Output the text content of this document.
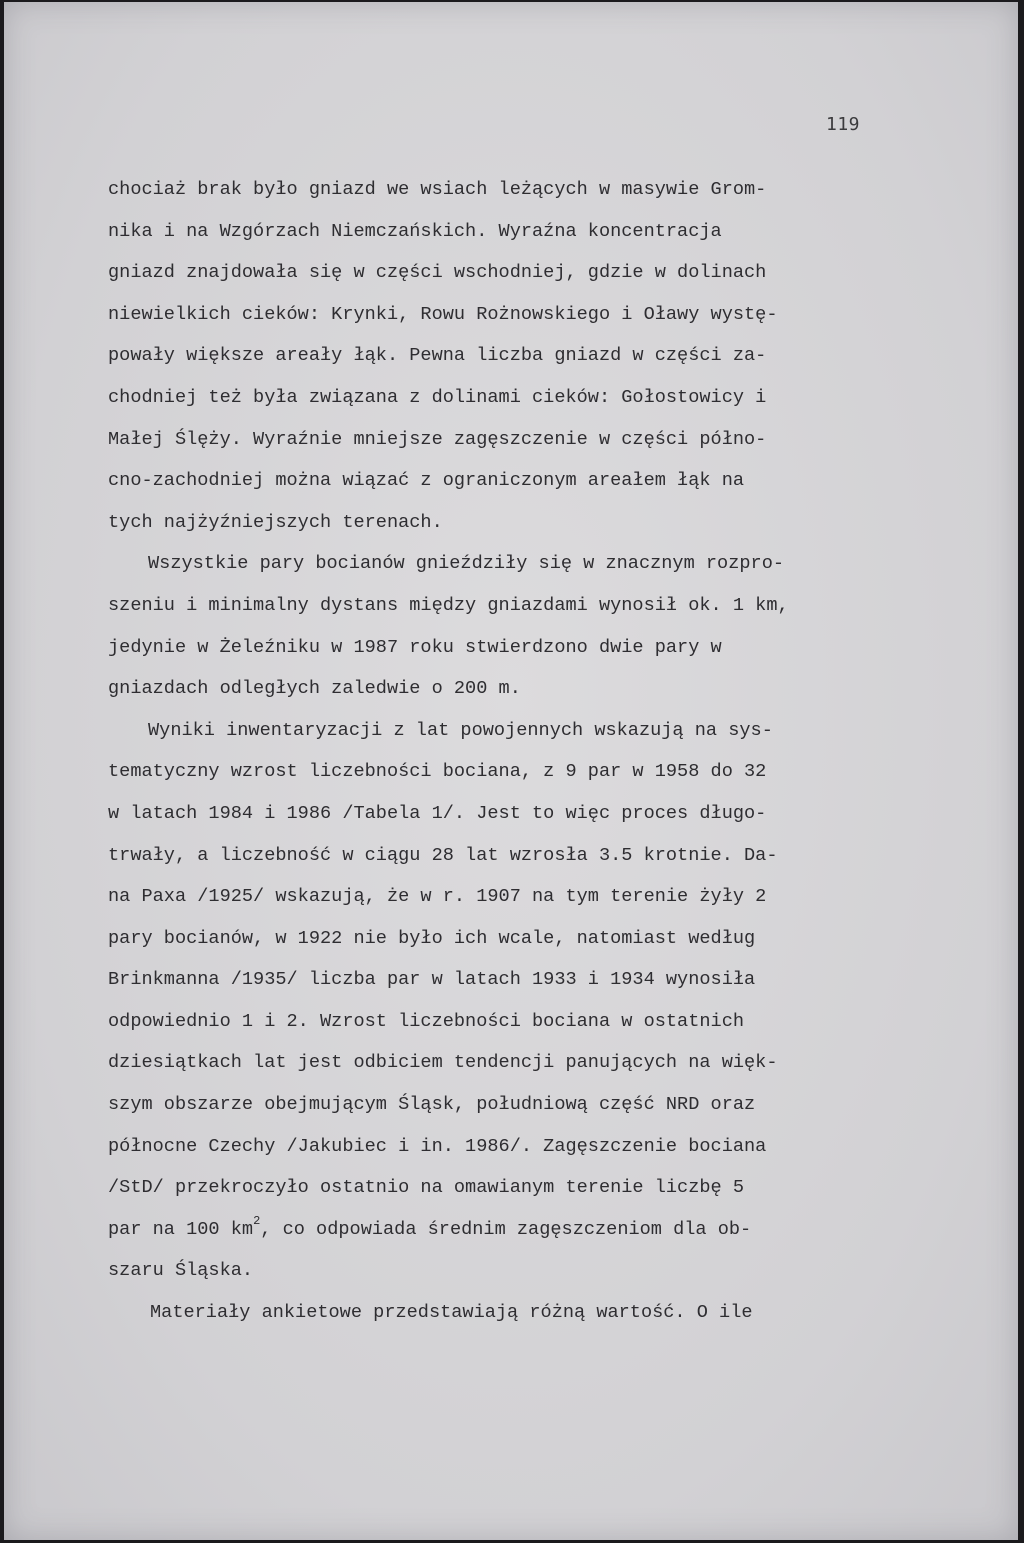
119
chociaż brak było gniazd we wsiach leżących w masywie Grom-
nika i na Wzgórzach Niemczańskich. Wyraźna koncentracja
gniazd znajdowała się w części wschodniej, gdzie w dolinach
niewielkich cieków: Krynki, Rowu Rożnowskiego i Oławy wystę-
powały większe areały łąk. Pewna liczba gniazd w części za-
chodniej też była związana z dolinami cieków: Gołostowicy i
Małej Ślęży. Wyraźnie mniejsze zagęszczenie w części półno-
cno-zachodniej można wiązać z ograniczonym areałem łąk na
tych najżyźniejszych terenach.
Wszystkie pary bocianów gnieździły się w znacznym rozpro-
szeniu i minimalny dystans między gniazdami wynosił ok. 1 km,
jedynie w Żeleźniku w 1987 roku stwierdzono dwie pary w
gniazdach odległych zaledwie o 200 m.
Wyniki inwentaryzacji z lat powojennych wskazują na sys-
tematyczny wzrost liczebności bociana, z 9 par w 1958 do 32
w latach 1984 i 1986 /Tabela 1/. Jest to więc proces długo-
trwały, a liczebność w ciągu 28 lat wzrosła 3.5 krotnie. Da-
na Paxa /1925/ wskazują, że w r. 1907 na tym terenie żyły 2
pary bocianów, w 1922 nie było ich wcale, natomiast według
Brinkmanna /1935/ liczba par w latach 1933 i 1934 wynosiła
odpowiednio 1 i 2. Wzrost liczebności bociana w ostatnich
dziesiątkach lat jest odbiciem tendencji panujących na więk-
szym obszarze obejmującym Śląsk, południową część NRD oraz
północne Czechy /Jakubiec i in. 1986/. Zagęszczenie bociana
/StD/ przekroczyło ostatnio na omawianym terenie liczbę 5
par na 100 $km^2$, co odpowiada średnim zagęszczeniom dla ob-
szaru Śląska.
Materiały ankietowe przedstawiają różną wartość. O ile
